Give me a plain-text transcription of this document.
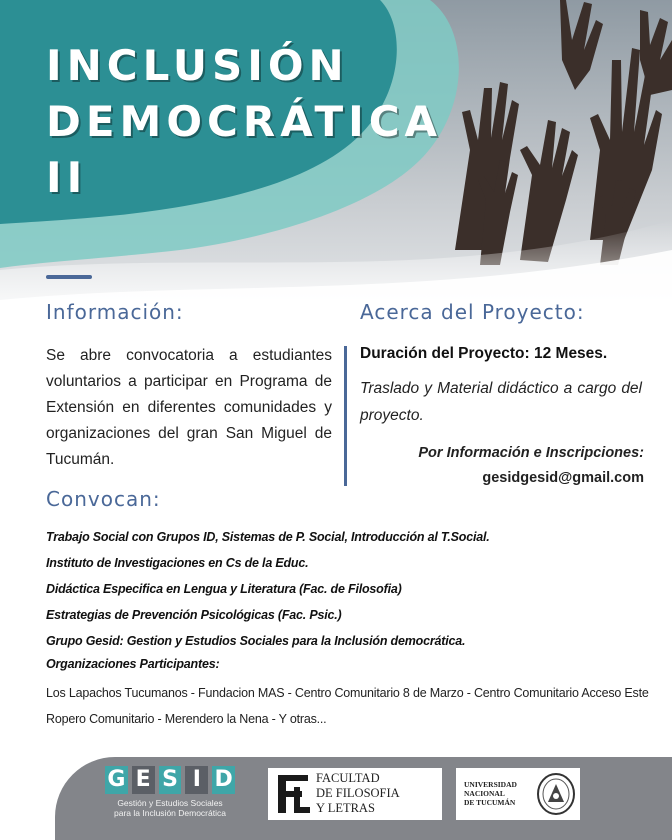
INCLUSIÓN
DEMOCRÁTICA
II
Información:

Se abre convocatoria a estudiantes voluntarios a participar en Programa de Extensión en diferentes comunidades y organizaciones del gran San Miguel de Tucumán.

Acerca del Proyecto:

Duración del Proyecto: 12 Meses.

Traslado y Material didáctico a cargo del proyecto.

Por Información e Inscripciones:

gesidgesid@gmail.com

Convocan:
Trabajo Social con Grupos ID, Sistemas de P. Social, Introducción al T.Social.
Instituto de Investigaciones en Cs de la Educ.
Didáctica Especifica en Lengua y Literatura (Fac. de Filosofia)
Estrategias de Prevención Psicológicas (Fac. Psic.)
Grupo Gesid: Gestion y Estudios Sociales para la Inclusión democrática.

Organizaciones Participantes:

Los Lapachos Tucumanos - Fundacion MAS - Centro Comunitario 8 de Marzo - Centro Comunitario Acceso Este Ropero Comunitario - Merendero la Nena - Y otras...

G E S I D

Gestión y Estudios Sociales
para la Inclusión Democrática

FACULTAD
DE FILOSOFIA
Y LETRAS

UNIVERSIDAD
NACIONAL
DE TUCUMÁN
